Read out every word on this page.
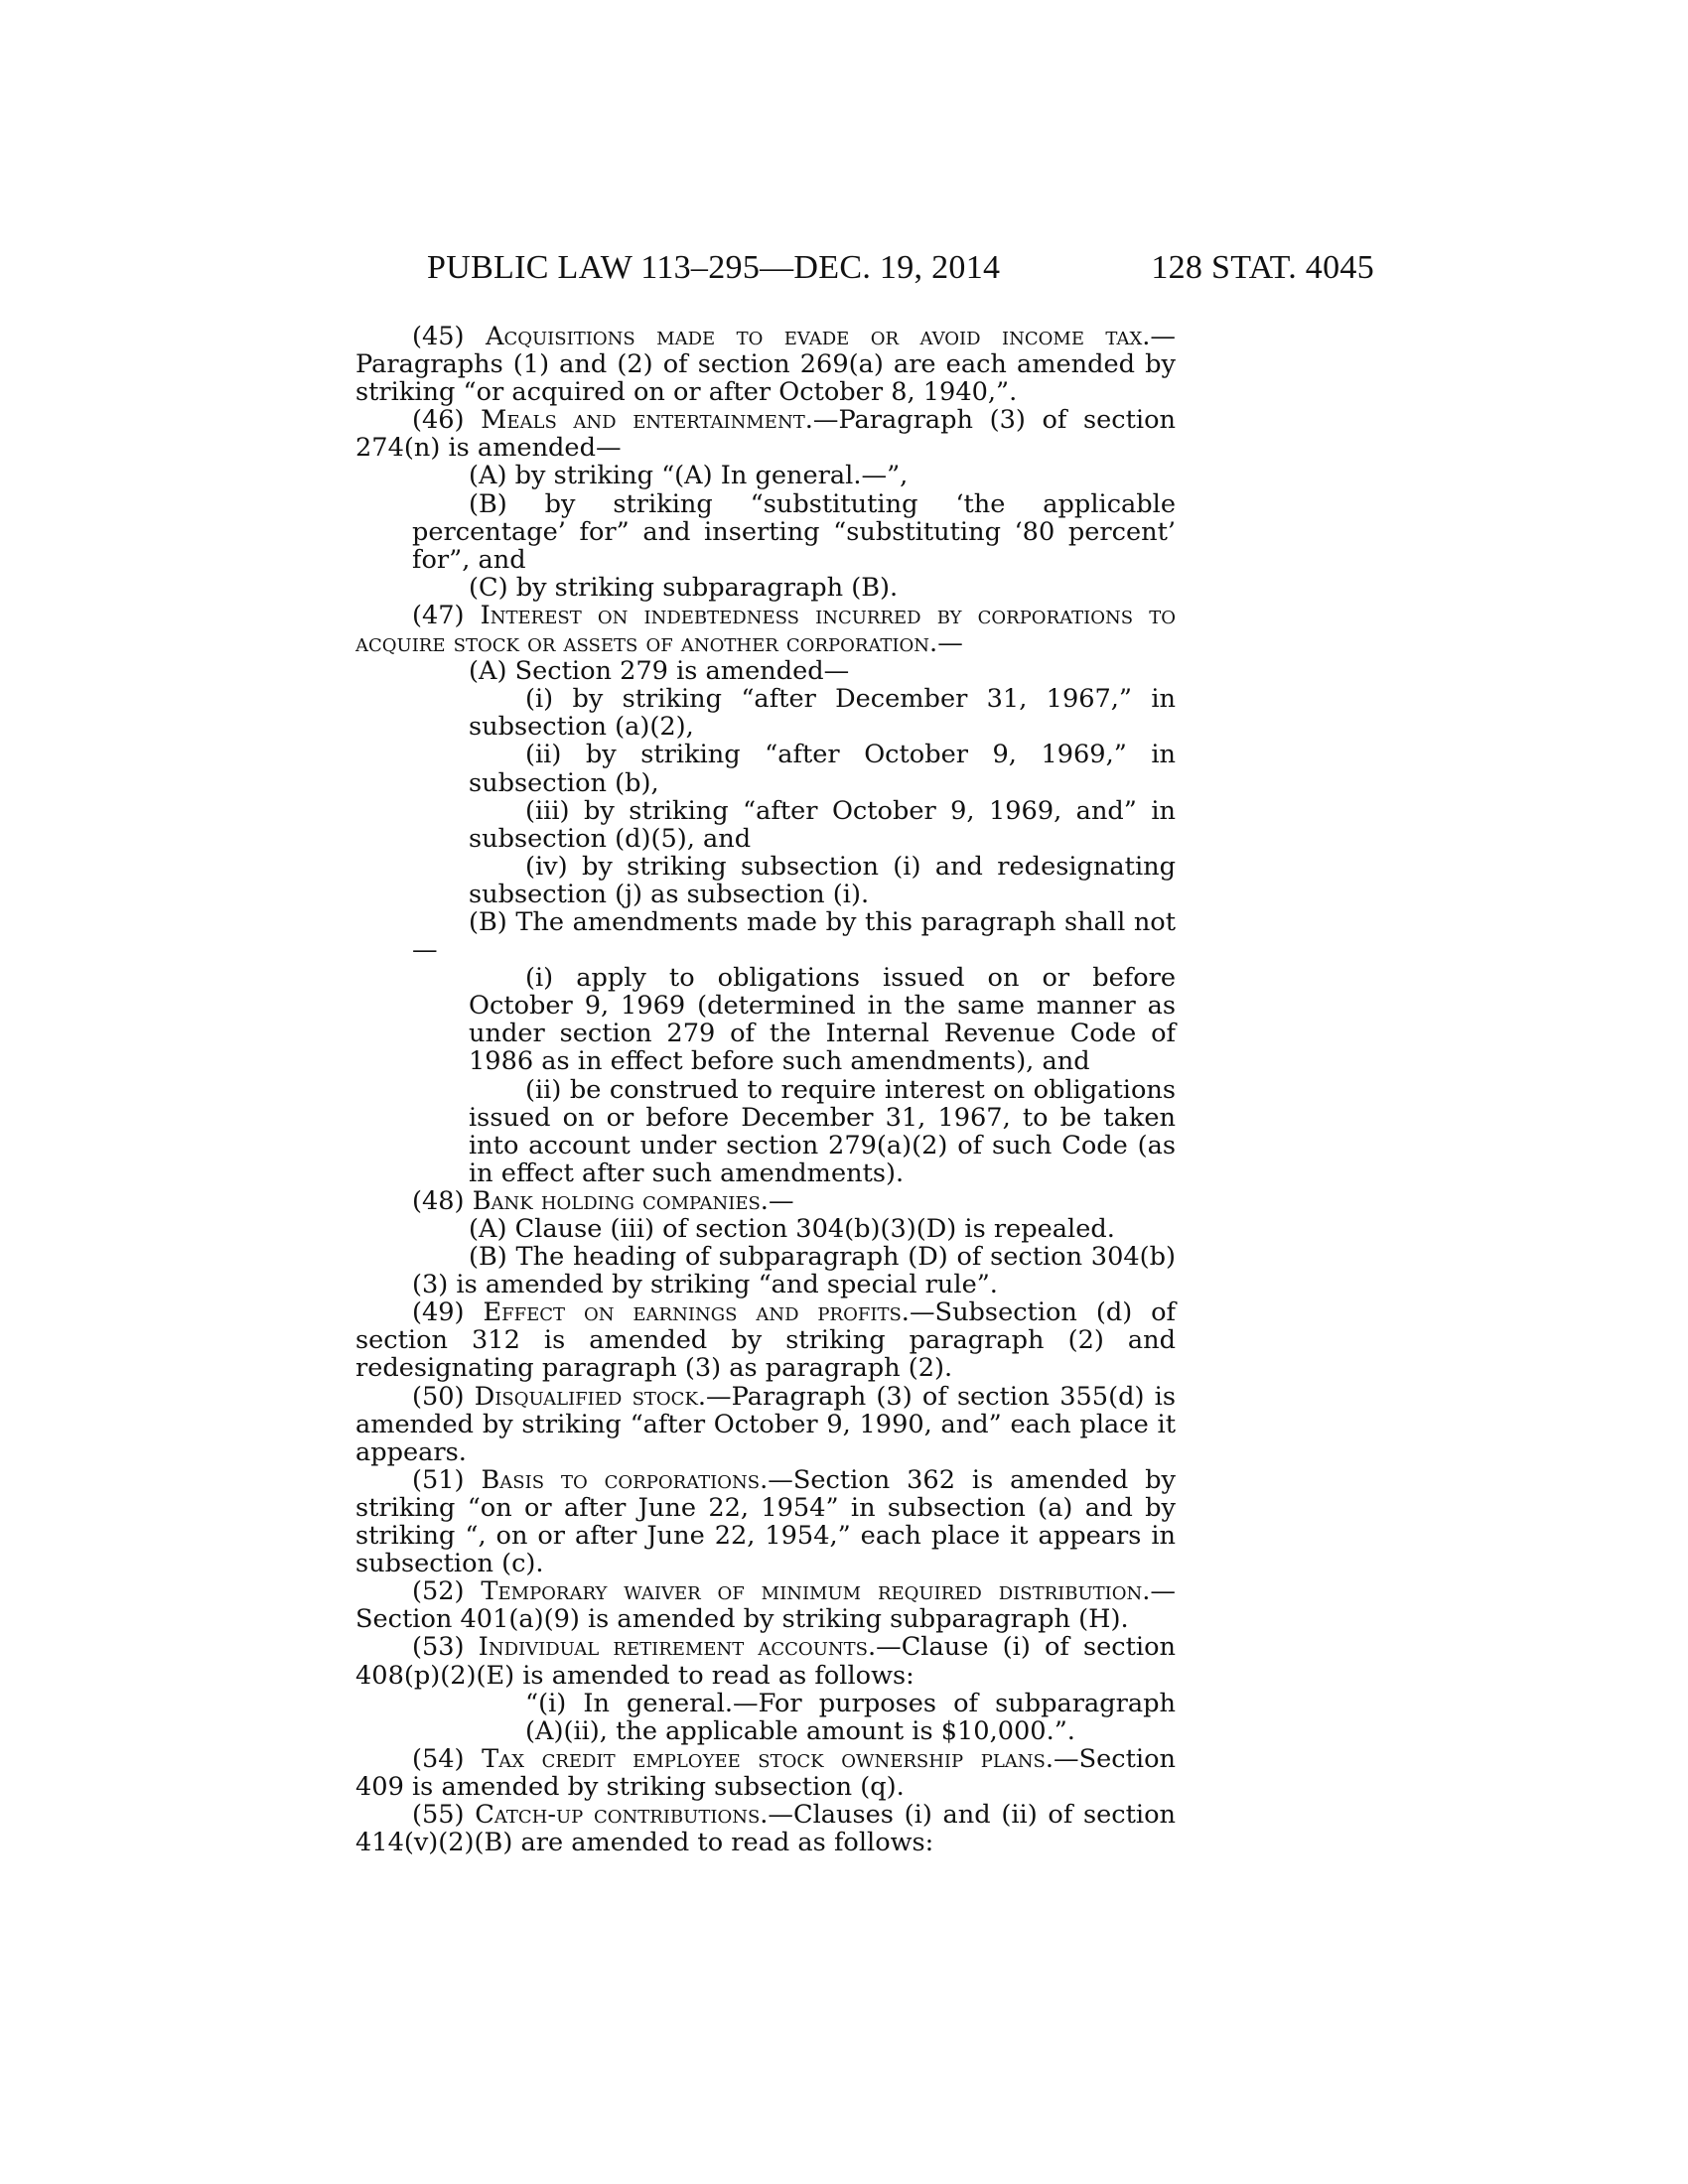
PUBLIC LAW 113–295—DEC. 19, 2014	128 STAT. 4045

(45) Acquisitions made to evade or avoid income tax.—Paragraphs (1) and (2) of section 269(a) are each amended by striking “or acquired on or after October 8, 1940,”.

(46) Meals and entertainment.—Paragraph (3) of section 274(n) is amended—

(A) by striking “(A) In general.—”,

(B) by striking “substituting ‘the applicable percentage’ for” and inserting “substituting ‘80 percent’ for”, and

(C) by striking subparagraph (B).

(47) Interest on indebtedness incurred by corporations to acquire stock or assets of another corporation.—

(A) Section 279 is amended—

(i) by striking “after December 31, 1967,” in subsection (a)(2),

(ii) by striking “after October 9, 1969,” in subsection (b),

(iii) by striking “after October 9, 1969, and” in subsection (d)(5), and

(iv) by striking subsection (i) and redesignating subsection (j) as subsection (i).

(B) The amendments made by this paragraph shall not—

(i) apply to obligations issued on or before October 9, 1969 (determined in the same manner as under section 279 of the Internal Revenue Code of 1986 as in effect before such amendments), and

(ii) be construed to require interest on obligations issued on or before December 31, 1967, to be taken into account under section 279(a)(2) of such Code (as in effect after such amendments).

(48) Bank holding companies.—

(A) Clause (iii) of section 304(b)(3)(D) is repealed.

(B) The heading of subparagraph (D) of section 304(b)(3) is amended by striking “and special rule”.

(49) Effect on earnings and profits.—Subsection (d) of section 312 is amended by striking paragraph (2) and redesignating paragraph (3) as paragraph (2).

(50) Disqualified stock.—Paragraph (3) of section 355(d) is amended by striking “after October 9, 1990, and” each place it appears.

(51) Basis to corporations.—Section 362 is amended by striking “on or after June 22, 1954” in subsection (a) and by striking “, on or after June 22, 1954,” each place it appears in subsection (c).

(52) Temporary waiver of minimum required distribution.—Section 401(a)(9) is amended by striking subparagraph (H).

(53) Individual retirement accounts.—Clause (i) of section 408(p)(2)(E) is amended to read as follows:

“(i) In general.—For purposes of subparagraph (A)(ii), the applicable amount is $10,000.”.

(54) Tax credit employee stock ownership plans.—Section 409 is amended by striking subsection (q).

(55) Catch-up contributions.—Clauses (i) and (ii) of section 414(v)(2)(B) are amended to read as follows:
